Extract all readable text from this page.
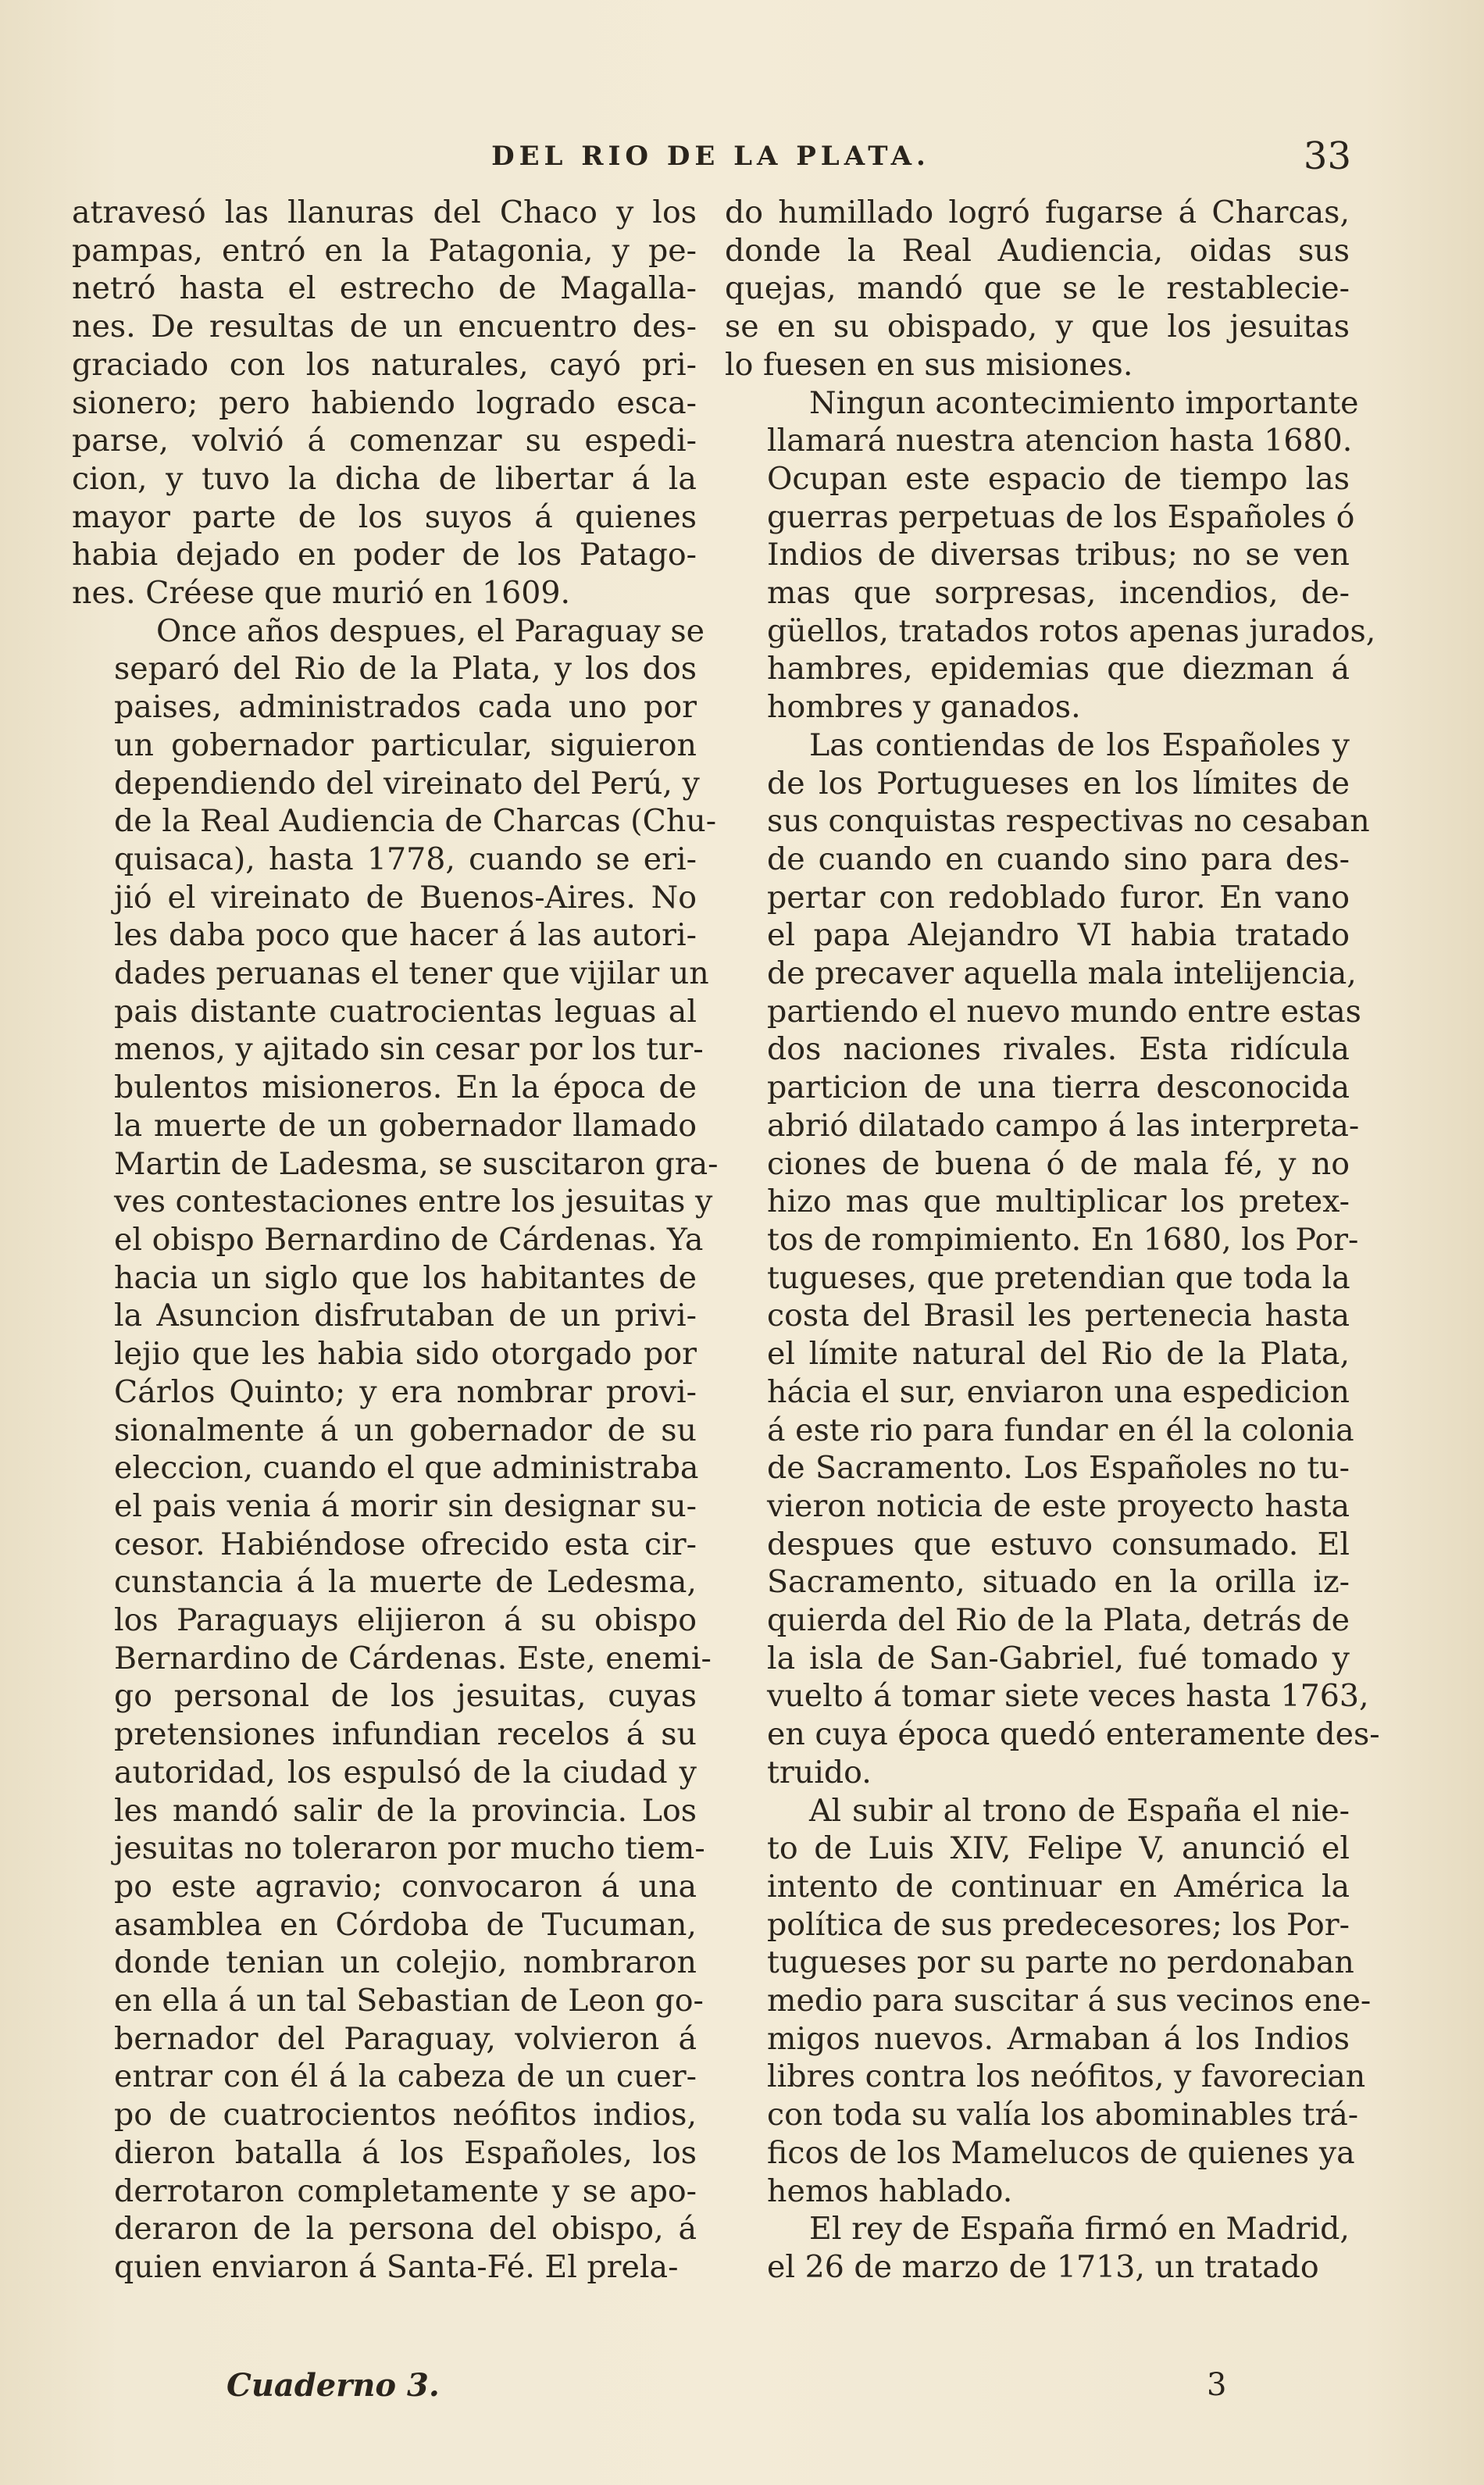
DEL RIO DE LA PLATA.	33

atravesó las llanuras del Chaco y los
pampas, entró en la Patagonia, y pe-
netró hasta el estrecho de Magalla-
nes. De resultas de un encuentro des-
graciado con los naturales, cayó pri-
sionero; pero habiendo logrado esca-
parse, volvió á comenzar su espedi-
cion, y tuvo la dicha de libertar á la
mayor parte de los suyos á quienes
habia dejado en poder de los Patago-
nes. Créese que murió en 1609.

Once años despues, el Paraguay se
separó del Rio de la Plata, y los dos
paises, administrados cada uno por
un gobernador particular, siguieron
dependiendo del vireinato del Perú, y
de la Real Audiencia de Charcas (Chu-
quisaca), hasta 1778, cuando se eri-
jió el vireinato de Buenos-Aires. No
les daba poco que hacer á las autori-
dades peruanas el tener que vijilar un
pais distante cuatrocientas leguas al
menos, y ajitado sin cesar por los tur-
bulentos misioneros. En la época de
la muerte de un gobernador llamado
Martin de Ladesma, se suscitaron gra-
ves contestaciones entre los jesuitas y
el obispo Bernardino de Cárdenas. Ya
hacia un siglo que los habitantes de
la Asuncion disfrutaban de un privi-
lejio que les habia sido otorgado por
Cárlos Quinto; y era nombrar provi-
sionalmente á un gobernador de su
eleccion, cuando el que administraba
el pais venia á morir sin designar su-
cesor. Habiéndose ofrecido esta cir-
cunstancia á la muerte de Ledesma,
los Paraguays elijieron á su obispo
Bernardino de Cárdenas. Este, enemi-
go personal de los jesuitas, cuyas
pretensiones infundian recelos á su
autoridad, los espulsó de la ciudad y
les mandó salir de la provincia. Los
jesuitas no toleraron por mucho tiem-
po este agravio; convocaron á una
asamblea en Córdoba de Tucuman,
donde tenian un colejio, nombraron
en ella á un tal Sebastian de Leon go-
bernador del Paraguay, volvieron á
entrar con él á la cabeza de un cuer-
po de cuatrocientos neófitos indios,
dieron batalla á los Españoles, los
derrotaron completamente y se apo-
deraron de la persona del obispo, á
quien enviaron á Santa-Fé. El prela-

do humillado logró fugarse á Charcas,
donde la Real Audiencia, oidas sus
quejas, mandó que se le restablecie-
se en su obispado, y que los jesuitas
lo fuesen en sus misiones.

Ningun acontecimiento importante
llamará nuestra atencion hasta 1680.
Ocupan este espacio de tiempo las
guerras perpetuas de los Españoles ó
Indios de diversas tribus; no se ven
mas que sorpresas, incendios, de-
güellos, tratados rotos apenas jurados,
hambres, epidemias que diezman á
hombres y ganados.

Las contiendas de los Españoles y
de los Portugueses en los límites de
sus conquistas respectivas no cesaban
de cuando en cuando sino para des-
pertar con redoblado furor. En vano
el papa Alejandro VI habia tratado
de precaver aquella mala intelijencia,
partiendo el nuevo mundo entre estas
dos naciones rivales. Esta ridícula
particion de una tierra desconocida
abrió dilatado campo á las interpreta-
ciones de buena ó de mala fé, y no
hizo mas que multiplicar los pretex-
tos de rompimiento. En 1680, los Por-
tugueses, que pretendian que toda la
costa del Brasil les pertenecia hasta
el límite natural del Rio de la Plata,
hácia el sur, enviaron una espedicion
á este rio para fundar en él la colonia
de Sacramento. Los Españoles no tu-
vieron noticia de este proyecto hasta
despues que estuvo consumado. El
Sacramento, situado en la orilla iz-
quierda del Rio de la Plata, detrás de
la isla de San-Gabriel, fué tomado y
vuelto á tomar siete veces hasta 1763,
en cuya época quedó enteramente des-
truido.

Al subir al trono de España el nie-
to de Luis XIV, Felipe V, anunció el
intento de continuar en América la
política de sus predecesores; los Por-
tugueses por su parte no perdonaban
medio para suscitar á sus vecinos ene-
migos nuevos. Armaban á los Indios
libres contra los neófitos, y favorecian
con toda su valía los abominables trá-
ficos de los Mamelucos de quienes ya
hemos hablado.

El rey de España firmó en Madrid,
el 26 de marzo de 1713, un tratado

Cuaderno 3.	3
